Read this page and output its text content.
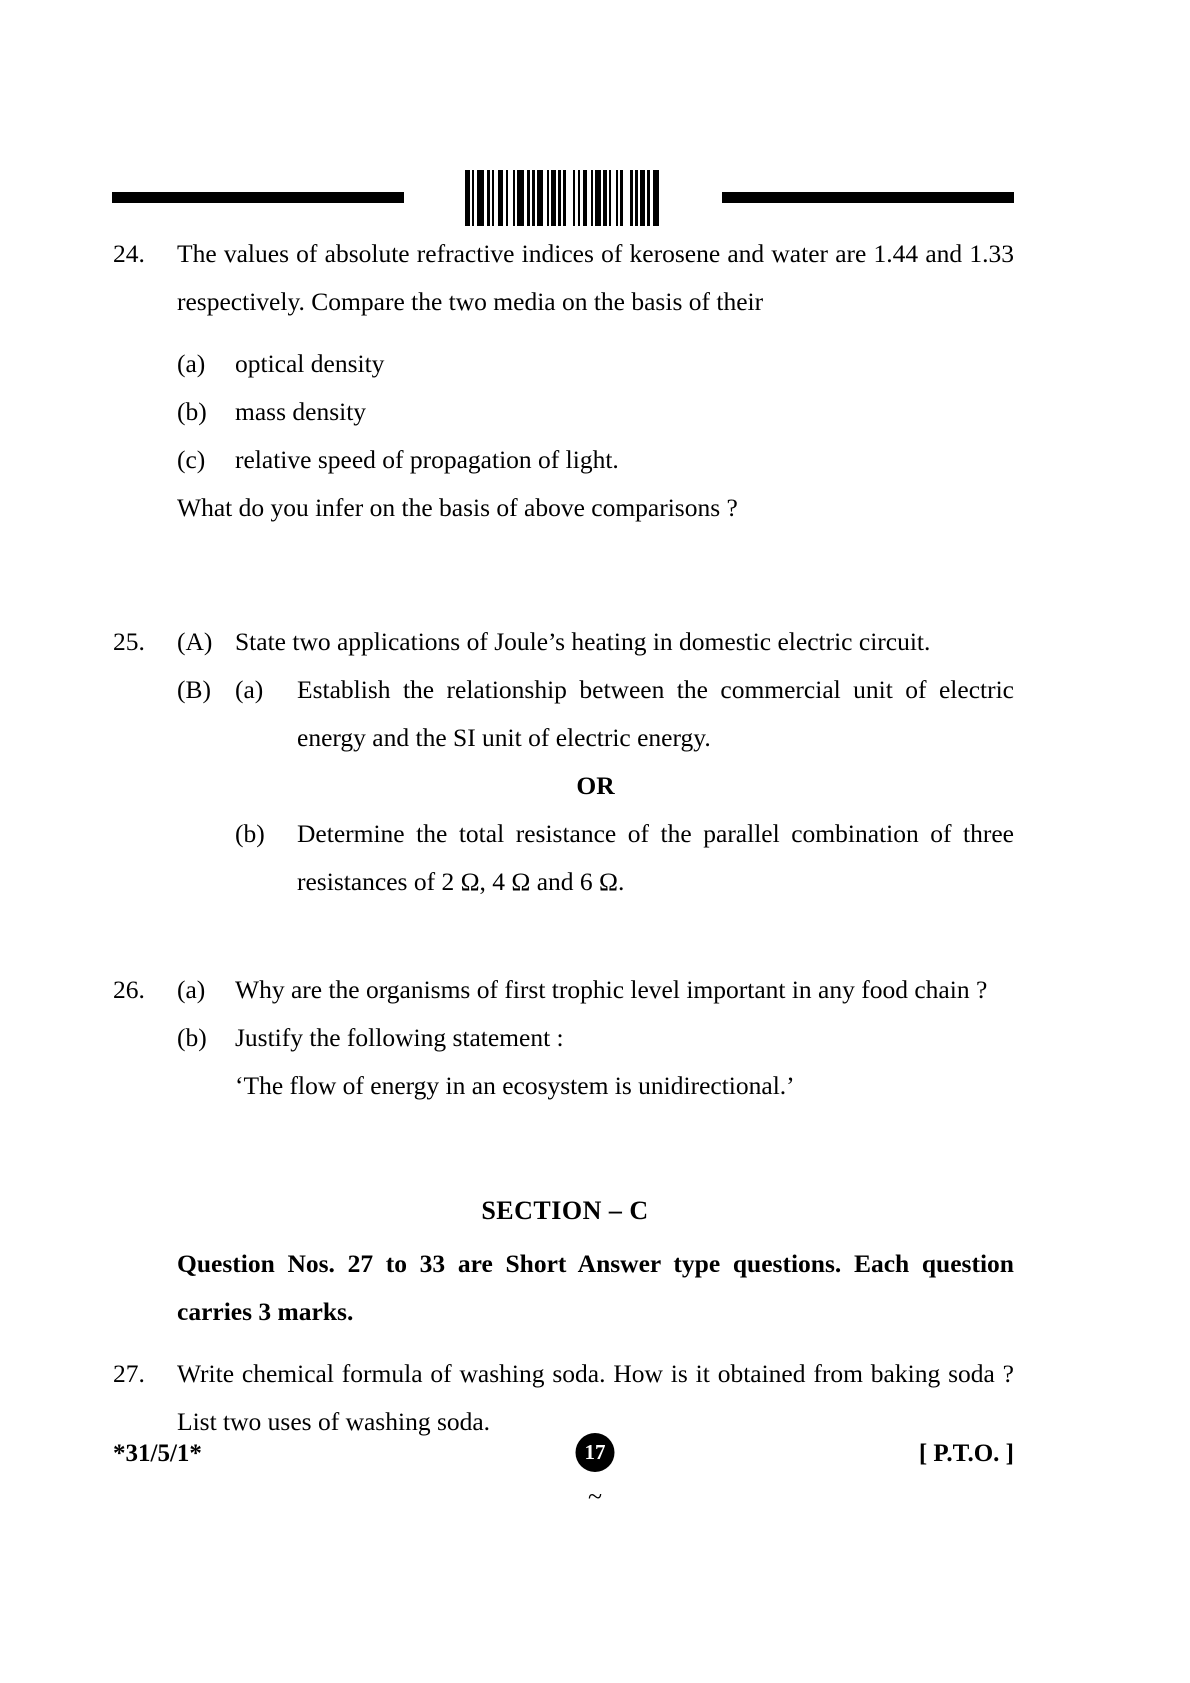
24.	The values of absolute refractive indices of kerosene and water are 1.44 and 1.33 respectively. Compare the two media on the basis of their
(a)	optical density
(b)	mass density
(c)	relative speed of propagation of light.
What do you infer on the basis of above comparisons ?
25.	(A) State two applications of Joule’s heating in domestic electric circuit.
(B) (a)	Establish the relationship between the commercial unit of electric energy and the SI unit of electric energy.
OR
(b)	Determine the total resistance of the parallel combination of three resistances of 2 Ω, 4 Ω and 6 Ω.
26.	(a)	Why are the organisms of first trophic level important in any food chain ?
(b)	Justify the following statement :
‘The flow of energy in an ecosystem is unidirectional.’
SECTION – C
Question Nos. 27 to 33 are Short Answer type questions. Each question carries 3 marks.
27.	Write chemical formula of washing soda. How is it obtained from baking soda ? List two uses of washing soda.
*31/5/1*	17
~
[ P.T.O. ]
